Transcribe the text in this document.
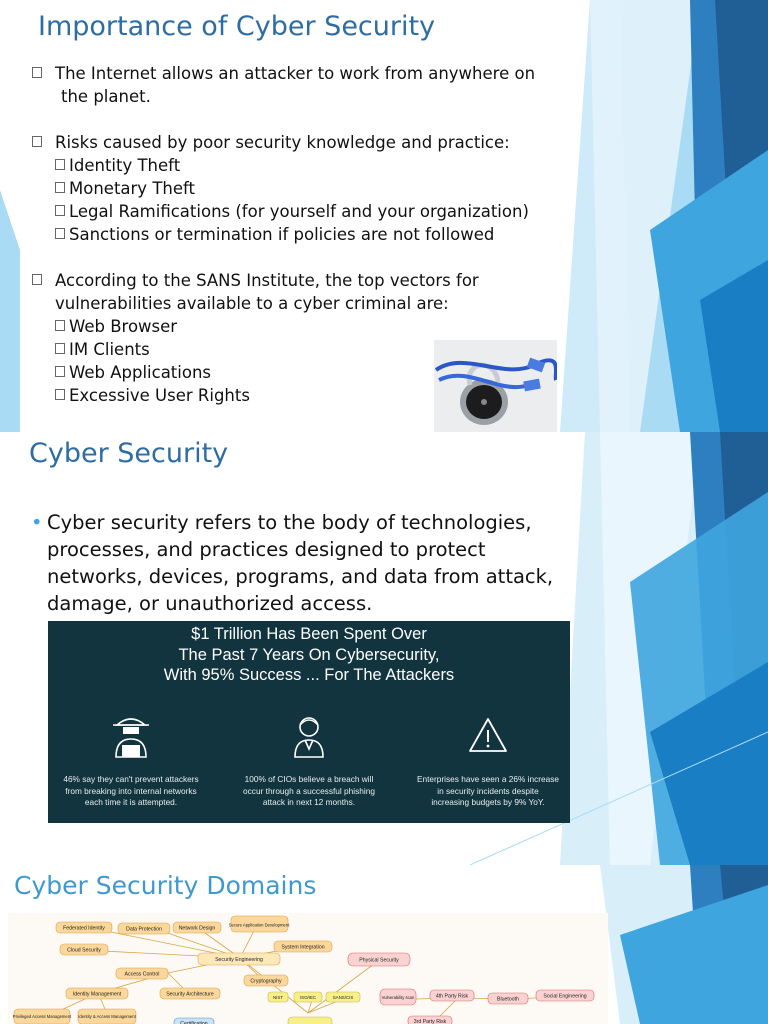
Importance of Cyber Security
The Internet allows an attacker to work from anywhere on
the planet.
Risks caused by poor security knowledge and practice:
Identity Theft
Monetary Theft
Legal Ramifications (for yourself and your organization)
Sanctions or termination if policies are not followed
According to the SANS Institute, the top vectors for
vulnerabilities available to a cyber criminal are:
Web Browser
IM Clients
Web Applications
Excessive User Rights
Cyber Security
• Cyber security refers to the body of technologies, processes, and practices designed to protect networks, devices, programs, and data from attack, damage, or unauthorized access.
$1 Trillion Has Been Spent Over
The Past 7 Years On Cybersecurity,
With 95% Success ... For The Attackers
46% say they can't prevent attackers
from breaking into internal networks
each time it is attempted.
100% of CIOs believe a breach will
occur through a successful phishing
attack in next 12 months.
Enterprises have seen a 26% increase
in security incidents despite
increasing budgets by 9% YoY.
Cyber Security Domains
Federated Identity	Data Protection	Network Design
Secure Application Development
Cloud Security	System Integration
Security Engineering	Physical Security
Access Control
Cryptography
Identity Management	Security Architecture	NIST	ISO/IEC	SANS/CIS	Vulnerability scan	4th Party Risk	Bluetooth	Social Engineering
Privileged Access Management Identity & Access Management
3rd Party Risk
Certification
